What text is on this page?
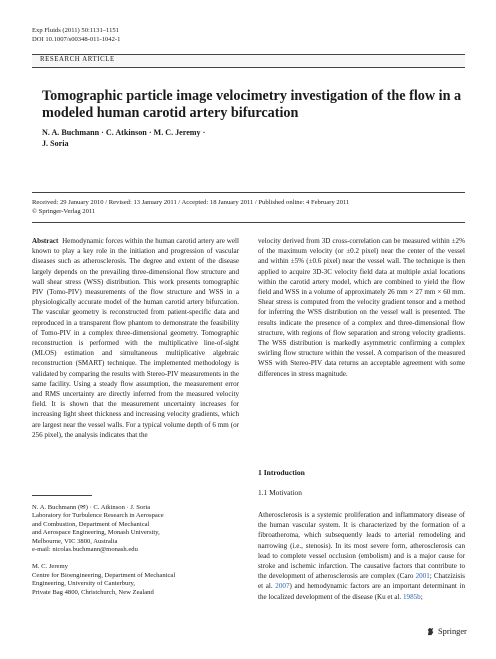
Exp Fluids (2011) 50:1131–1151
DOI 10.1007/s00348-011-1042-1
RESEARCH ARTICLE
Tomographic particle image velocimetry investigation of the flow in a modeled human carotid artery bifurcation
N. A. Buchmann · C. Atkinson · M. C. Jeremy ·
J. Soria
Received: 29 January 2010 / Revised: 13 January 2011 / Accepted: 18 January 2011 / Published online: 4 February 2011
© Springer-Verlag 2011

Abstract Hemodynamic forces within the human carotid artery are well known to play a key role in the initiation and progression of vascular diseases such as atherosclerosis. The degree and extent of the disease largely depends on the prevailing three-dimensional flow structure and wall shear stress (WSS) distribution. This work presents tomographic PIV (Tomo-PIV) measurements of the flow structure and WSS in a physiologically accurate model of the human carotid artery bifurcation. The vascular geometry is reconstructed from patient-specific data and reproduced in a transparent flow phantom to demonstrate the feasibility of Tomo-PIV in a complex three-dimensional geometry. Tomographic reconstruction is performed with the multiplicative line-of-sight (MLOS) estimation and simultaneous multiplicative algebraic reconstruction (SMART) technique. The implemented methodology is validated by comparing the results with Stereo-PIV measurements in the same facility. Using a steady flow assumption, the measurement error and RMS uncertainty are directly inferred from the measured velocity field. It is shown that the measurement uncertainty increases for increasing light sheet thickness and increasing velocity gradients, which are largest near the vessel walls. For a typical volume depth of 6 mm (or 256 pixel), the analysis indicates that the

velocity derived from 3D cross-correlation can be measured within ±2% of the maximum velocity (or ±0.2 pixel) near the center of the vessel and within ±5% (±0.6 pixel) near the vessel wall. The technique is then applied to acquire 3D-3C velocity field data at multiple axial locations within the carotid artery model, which are combined to yield the flow field and WSS in a volume of approximately 26 mm × 27 mm × 60 mm. Shear stress is computed from the velocity gradient tensor and a method for inferring the WSS distribution on the vessel wall is presented. The results indicate the presence of a complex and three-dimensional flow structure, with regions of flow separation and strong velocity gradients. The WSS distribution is markedly asymmetric confirming a complex swirling flow structure within the vessel. A comparison of the measured WSS with Stereo-PIV data returns an acceptable agreement with some differences in stress magnitude.

N. A. Buchmann (✉) · C. Atkinson · J. Soria

Laboratory for Turbulence Research in Aerospace

and Combustion, Department of Mechanical

and Aerospace Engineering, Monash University,

Melbourne, VIC 3800, Australia

e-mail: nicolas.buchmann@monash.edu

M. C. Jeremy

Centre for Bioengineering, Department of Mechanical

Engineering, University of Canterbury,

Private Bag 4800, Christchurch, New Zealand

1 Introduction
1.1 Motivation

Atherosclerosis is a systemic proliferation and inflammatory disease of the human vascular system. It is characterized by the formation of a fibroatheroma, which subsequently leads to arterial remodeling and narrowing (i.e., stenosis). In its most severe form, atherosclerosis can lead to complete vessel occlusion (embolism) and is a major cause for stroke and ischemic infarction. The causative factors that contribute to the development of atherosclerosis are complex (Caro 2001; Chatzizisis et al. 2007) and hemodynamic factors are an important determinant in the localized development of the disease (Ku et al. 1985b;

Springer
